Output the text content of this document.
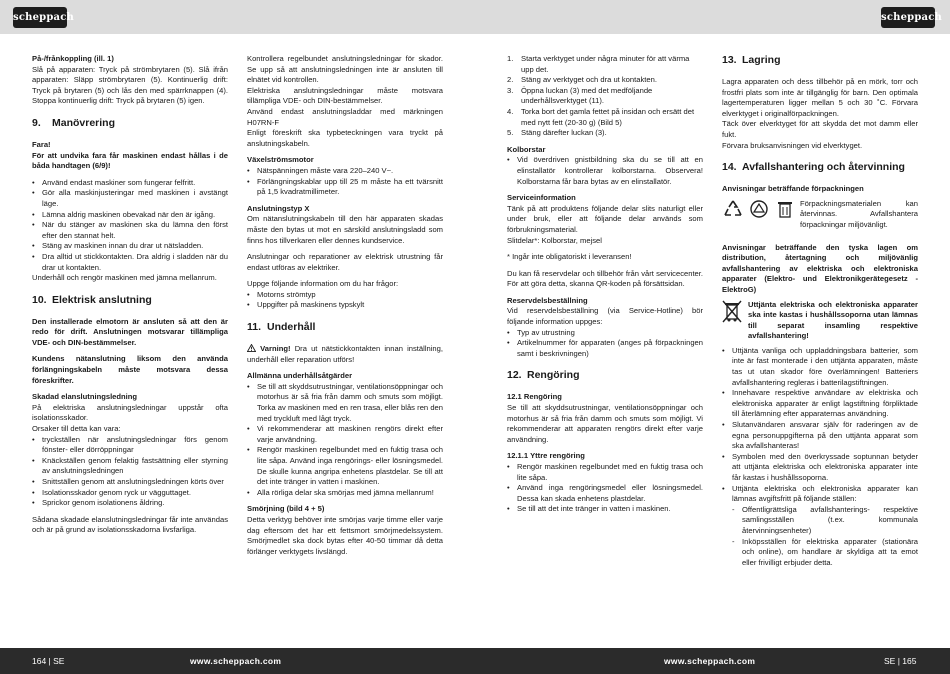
scheppach	scheppach

På-/frånkoppling (ill. 1)

Slå på apparaten: Tryck på strömbrytaren (5). Slå ifrån apparaten: Släpp strömbrytaren (5). Kontinuerlig drift: Tryck på brytaren (5) och lås den med spärrknappen (4). Stoppa kontinuerlig drift: Tryck på brytaren (5) igen.

9. Manövrering

Fara!

För att undvika fara får maskinen endast hållas i de båda handtagen (6/9)!

• Använd endast maskiner som fungerar felfritt.
• Gör alla maskinjusteringar med maskinen i avstängt läge.
• Lämna aldrig maskinen obevakad när den är igång.
• När du stänger av maskinen ska du lämna den först efter den stannat helt.
• Stäng av maskinen innan du drar ut nätsladden.
• Dra alltid ut stickkontakten. Dra aldrig i sladden när du drar ut kontakten.

Underhåll och rengör maskinen med jämna mellanrum.

10. Elektrisk anslutning

Den installerade elmotorn är ansluten så att den är redo för drift. Anslutningen motsvarar tillämpliga VDE- och DIN-bestämmelser.

Kundens nätanslutning liksom den använda förlängningskabeln måste motsvara dessa föreskrifter.

Skadad elanslutningsledning

På elektriska anslutningsledningar uppstår ofta isolationsskador.

Orsaker till detta kan vara:

• tryckställen när anslutningsledningar förs genom fönster- eller dörröppningar
• Knäckställen genom felaktig fastsättning eller styrning av anslutningsledningen
• Snittställen genom att anslutningsledningen körts över
• Isolationsskador genom ryck ur vägguttaget.
• Sprickor genom isolationens åldring.

Sådana skadade elanslutningsledningar får inte användas och är på grund av isolationsskadorna livsfarliga.

Kontrollera regelbundet anslutningsledningar för skador. Se upp så att anslutningsledningen inte är ansluten till elnätet vid kontrollen.

Elektriska anslutningsledningar måste motsvara tillämpliga VDE- och DIN-bestämmelser.

Använd endast anslutningsladdar med märkningen H07RN-F

Enligt föreskrift ska typbeteckningen vara tryckt på anslutningskabeln.

Växelströmsmotor

• Nätspänningen måste vara 220–240 V~.
• Förlängningskablar upp till 25 m måste ha ett tvärsnitt på 1,5 kvadratmillimeter.

Anslutningstyp X

Om nätanslutningskabeln till den här apparaten skadas måste den bytas ut mot en särskild anslutningsladd som finns hos tillverkaren eller dennes kundservice.

Anslutningar och reparationer av elektrisk utrustning får endast utföras av elektriker.

Uppge följande information om du har frågor:

• Motorns strömtyp
• Uppgifter på maskinens typskylt
11. Underhåll

Varning! Dra ut nätstickkontakten innan inställning, underhåll eller reparation utförs!

Allmänna underhållsåtgärder

• Se till att skyddsutrustningar, ventilationsöppningar och motorhus är så fria från damm och smuts som möjligt. Torka av maskinen med en ren trasa, eller blås ren den med tryckluft med lågt tryck.
• Vi rekommenderar att maskinen rengörs direkt efter varje användning.
• Rengör maskinen regelbundet med en fuktig trasa och lite såpa. Använd inga rengörings- eller lösningsmedel. De skulle kunna angripa enhetens plastdelar. Se till att det inte tränger in vatten i maskinen.
• Alla rörliga delar ska smörjas med jämna mellanrum!

Smörjning (bild 4 + 5)

Detta verktyg behöver inte smörjas varje timme eller varje dag eftersom det har ett fettsmort smörjmedelssystem. Smörjmedlet ska dock bytas efter 40-50 timmar då detta förlänger verktygets livslängd.

1. Starta verktyget under några minuter för att värma upp det.
2. Stäng av verktyget och dra ut kontakten.
3. Öppna luckan (3) med det medföljande underhållsverktyget (11).
4. Torka bort det gamla fettet på insidan och ersätt det med nytt fett (20-30 g) (Bild 5)
5. Stäng därefter luckan (3).

Kolborstar

• Vid överdriven gnistbildning ska du se till att en elinstallatör kontrollerar kolborstarna. Observera! Kolborstarna får bara bytas av en elinstallatör.

Serviceinformation

Tänk på att produktens följande delar slits naturligt eller under bruk, eller att följande delar används som förbrukningsmaterial.

Slitdelar*: Kolborstar, mejsel

* Ingår inte obligatoriskt i leveransen!

Du kan få reservdelar och tillbehör från vårt servicecenter. För att göra detta, skanna QR-koden på försättsidan.

Reservdelsbeställning

Vid reservdelsbeställning (via Service-Hotline) bör följande information uppges:

• Typ av utrustning
• Artikelnummer för apparaten (anges på förpackningen samt i beskrivningen)
12. Rengöring

12.1 Rengöring

Se till att skyddsutrustningar, ventilationsöppningar och motorhus är så fria från damm och smuts som möjligt. Vi rekommenderar att apparaten rengörs direkt efter varje användning.

12.1.1 Yttre rengöring

• Rengör maskinen regelbundet med en fuktig trasa och lite såpa.
• Använd inga rengöringsmedel eller lösningsmedel. Dessa kan skada enhetens plastdelar.
• Se till att det inte tränger in vatten i maskinen.
13. Lagring

Lagra apparaten och dess tillbehör på en mörk, torr och frostfri plats som inte är tillgänglig för barn. Den optimala lagertemperaturen ligger mellan 5 och 30 ˚C. Förvara elverktyget i originalförpackningen.

Täck över elverktyget för att skydda det mot damm eller fukt.

Förvara bruksanvisningen vid elverktyget.

14. Avfallshantering och återvinning

Anvisningar beträffande förpackningen

Förpackningsmaterialen kan återvinnas. Avfallshantera förpackningar miljövänligt.

Anvisningar beträffande den tyska lagen om distribution, återtagning och miljövänlig avfallshantering av elektriska och elektroniska apparater (Elektro- und Elektronikgerätegesetz - ElektroG)

Uttjänta elektriska och elektroniska apparater ska inte kastas i hushållssoporna utan lämnas till separat insamling respektive avfallshantering!

• Uttjänta vanliga och uppladdningsbara batterier, som inte är fast monterade i den uttjänta apparaten, måste tas ut utan skador före överlämningen! Batteriers avfallshantering regleras i batterilagstiftningen.
• Innehavare respektive användare av elektriska och elektroniska apparater är enligt lagstiftning förpliktade till återlämning efter apparaternas användning.
• Slutanvändaren ansvarar själv för raderingen av de egna personuppgifterna på den uttjänta apparat som ska avfallshanteras!
• Symbolen med den överkryssade soptunnan betyder att uttjänta elektriska och elektroniska apparater inte får kastas i hushållssoporna.
• Uttjänta elektriska och elektroniska apparater kan lämnas avgiftsfritt på följande ställen:
- Offentligrättsliga avfallshanterings- respektive samlingsställen (t.ex. kommunala återvinningsenheter)
- Inköpsställen för elektriska apparater (stationära och online), om handlare är skyldiga att ta emot eller frivilligt erbjuder detta.
164 | SE	www.scheppach.com	www.scheppach.com	SE | 165
